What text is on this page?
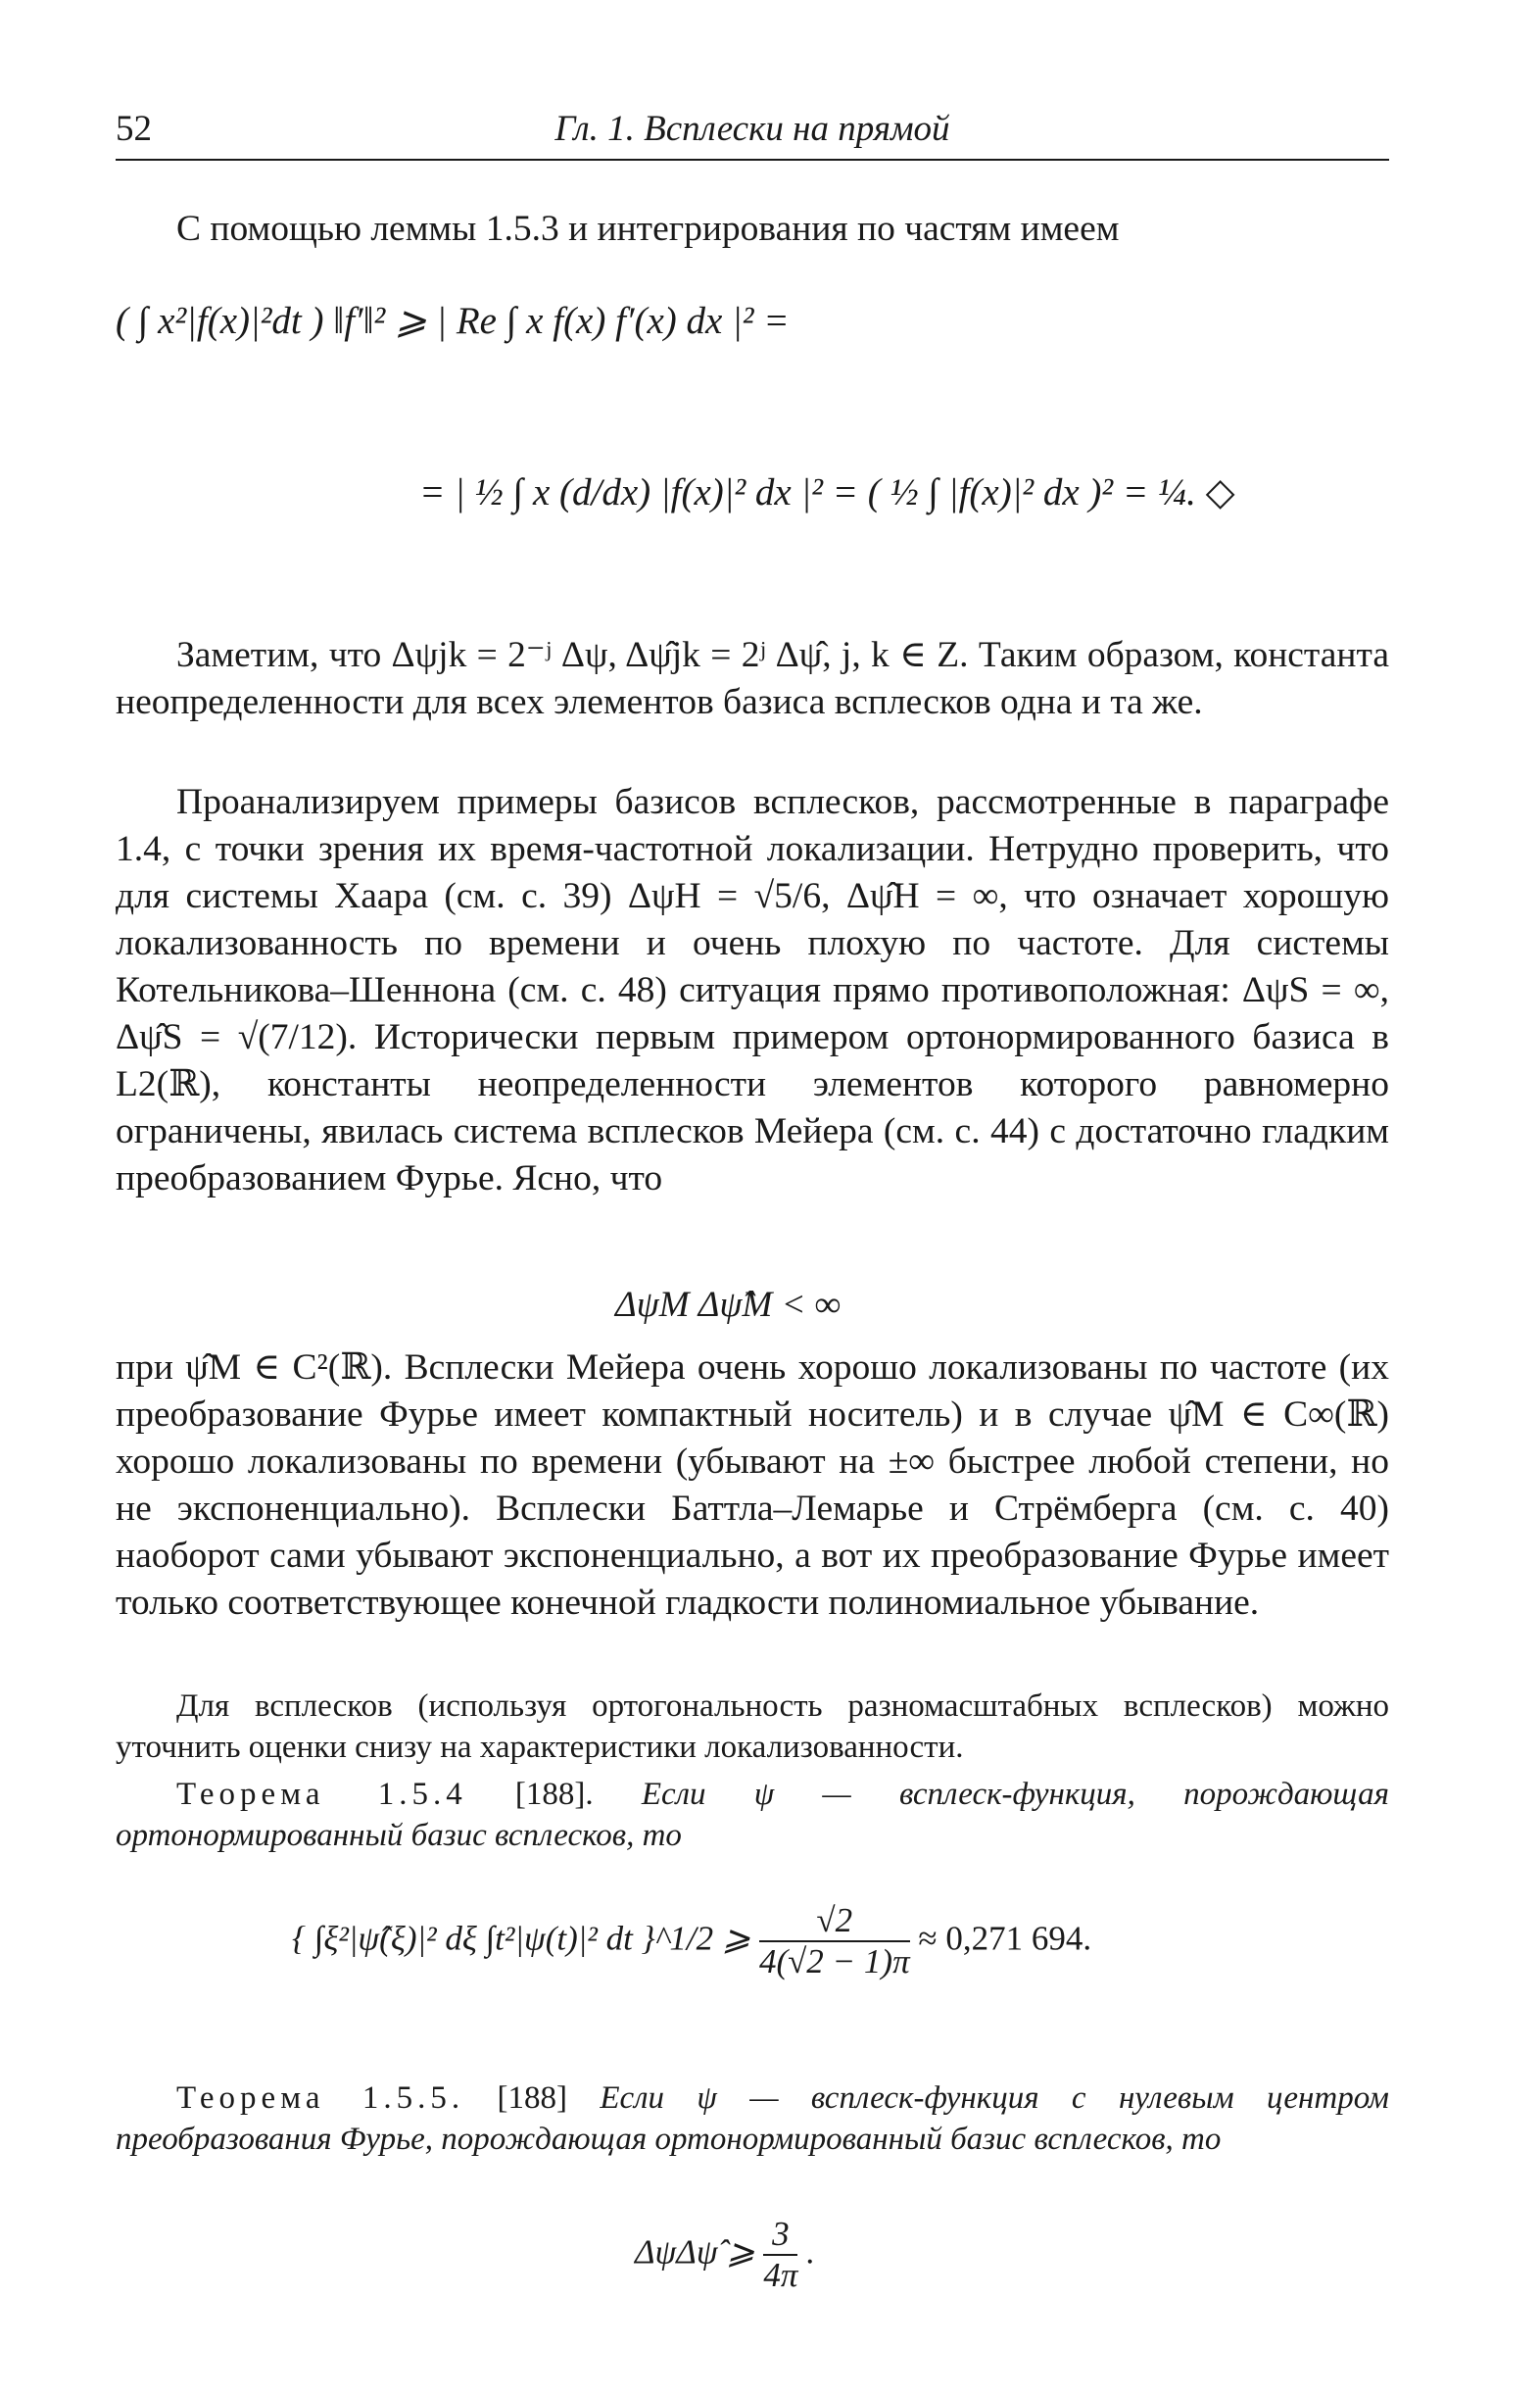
52	Гл. 1. Всплески на прямой

С помощью леммы 1.5.3 и интегрирования по частям имеем

( ∫ x²|f(x)|²dt ) ‖f′‖² ⩾ | Re ∫ x f(x) f′(x) dx |² =
= | ½ ∫ x (d/dx) |f(x)|² dx |² = ( ½ ∫ |f(x)|² dx )² = ¼. ◇

Заметим, что Δψjk = 2⁻ʲ Δψ, Δψ̂jk = 2ʲ Δψ̂, j, k ∈ Z. Таким образом, константа неопределенности для всех элементов базиса всплесков одна и та же.

Проанализируем примеры базисов всплесков, рассмотренные в параграфе 1.4, с точки зрения их время-частотной локализации. Нетрудно проверить, что для системы Хаара (см. с. 39) ΔψH = √5/6, Δψ̂H = ∞, что означает хорошую локализованность по времени и очень плохую по частоте. Для системы Котельникова–Шеннона (см. с. 48) ситуация прямо противоположная: ΔψS = ∞, Δψ̂S = √(7/12). Исторически первым примером ортонормированного базиса в L2(ℝ), константы неопределенности элементов которого равномерно ограничены, явилась система всплесков Мейера (см. с. 44) с достаточно гладким преобразованием Фурье. Ясно, что

ΔψM Δψ̂M < ∞

при ψ̂M ∈ C²(ℝ). Всплески Мейера очень хорошо локализованы по частоте (их преобразование Фурье имеет компактный носитель) и в случае ψ̂M ∈ C∞(ℝ) хорошо локализованы по времени (убывают на ±∞ быстрее любой степени, но не экспоненциально). Всплески Баттла–Лемарье и Стрёмберга (см. с. 40) наоборот сами убывают экспоненциально, а вот их преобразование Фурье имеет только соответствующее конечной гладкости полиномиальное убывание.

Для всплесков (используя ортогональность разномасштабных всплесков) можно уточнить оценки снизу на характеристики локализованности.

Теорема 1.5.4 [188]. Если ψ — всплеск-функция, порождающая ортонормированный базис всплесков, то

{ ∫ξ²|ψ̂(ξ)|² dξ ∫t²|ψ(t)|² dt }^1/2 ⩾ $\frac{√2}{4(√2 - 1)\pi} \approx 0,271$ 694.

Теорема 1.5.5. [188] Если ψ — всплеск-функция с нулевым центром преобразования Фурье, порождающая ортонормированный базис всплесков, то

ΔψΔψ̂ ⩾ $\frac{3}{4\pi}$ .
